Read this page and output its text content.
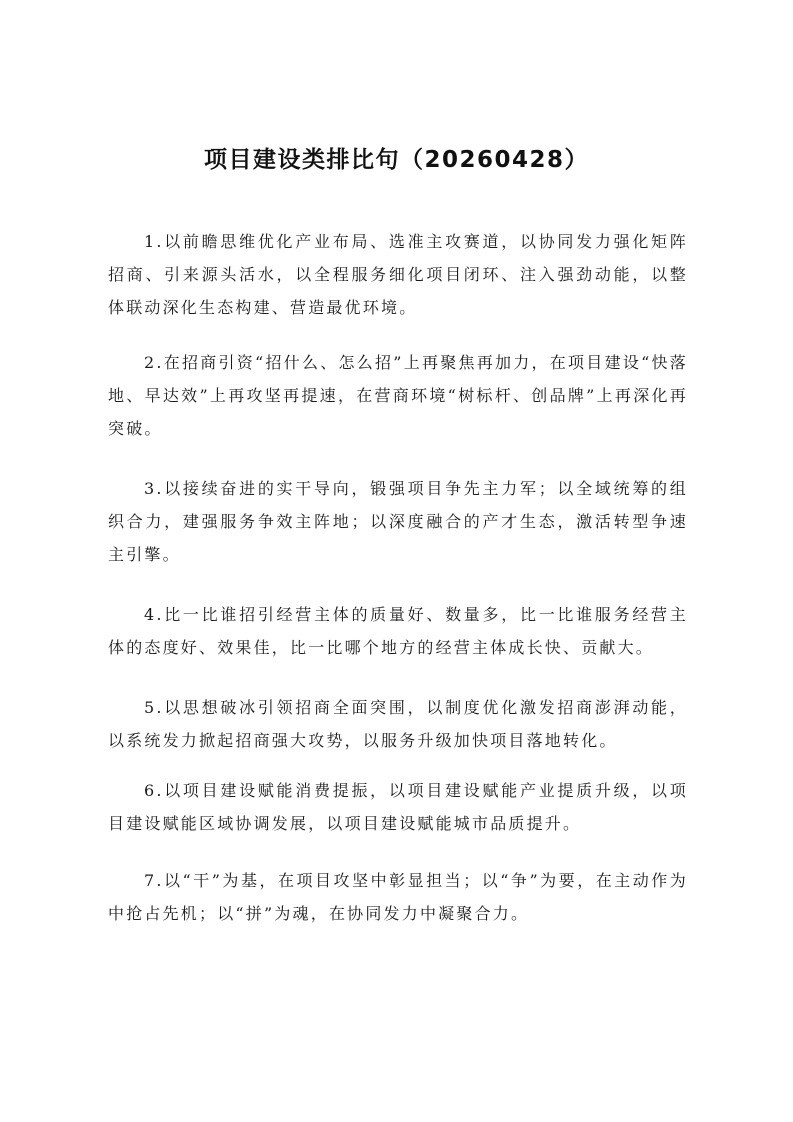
项目建设类排比句（20260428）

1.以前瞻思维优化产业布局、选准主攻赛道，以协同发力强化矩阵招商、引来源头活水，以全程服务细化项目闭环、注入强劲动能，以整体联动深化生态构建、营造最优环境。

2.在招商引资“招什么、怎么招”上再聚焦再加力，在项目建设“快落地、早达效”上再攻坚再提速，在营商环境“树标杆、创品牌”上再深化再突破。

3.以接续奋进的实干导向，锻强项目争先主力军；以全域统筹的组织合力，建强服务争效主阵地；以深度融合的产才生态，激活转型争速主引擎。

4.比一比谁招引经营主体的质量好、数量多，比一比谁服务经营主体的态度好、效果佳，比一比哪个地方的经营主体成长快、贡献大。

5.以思想破冰引领招商全面突围，以制度优化激发招商澎湃动能，以系统发力掀起招商强大攻势，以服务升级加快项目落地转化。

6.以项目建设赋能消费提振，以项目建设赋能产业提质升级，以项目建设赋能区域协调发展，以项目建设赋能城市品质提升。

7.以“干”为基，在项目攻坚中彰显担当；以“争”为要，在主动作为中抢占先机；以“拼”为魂，在协同发力中凝聚合力。
